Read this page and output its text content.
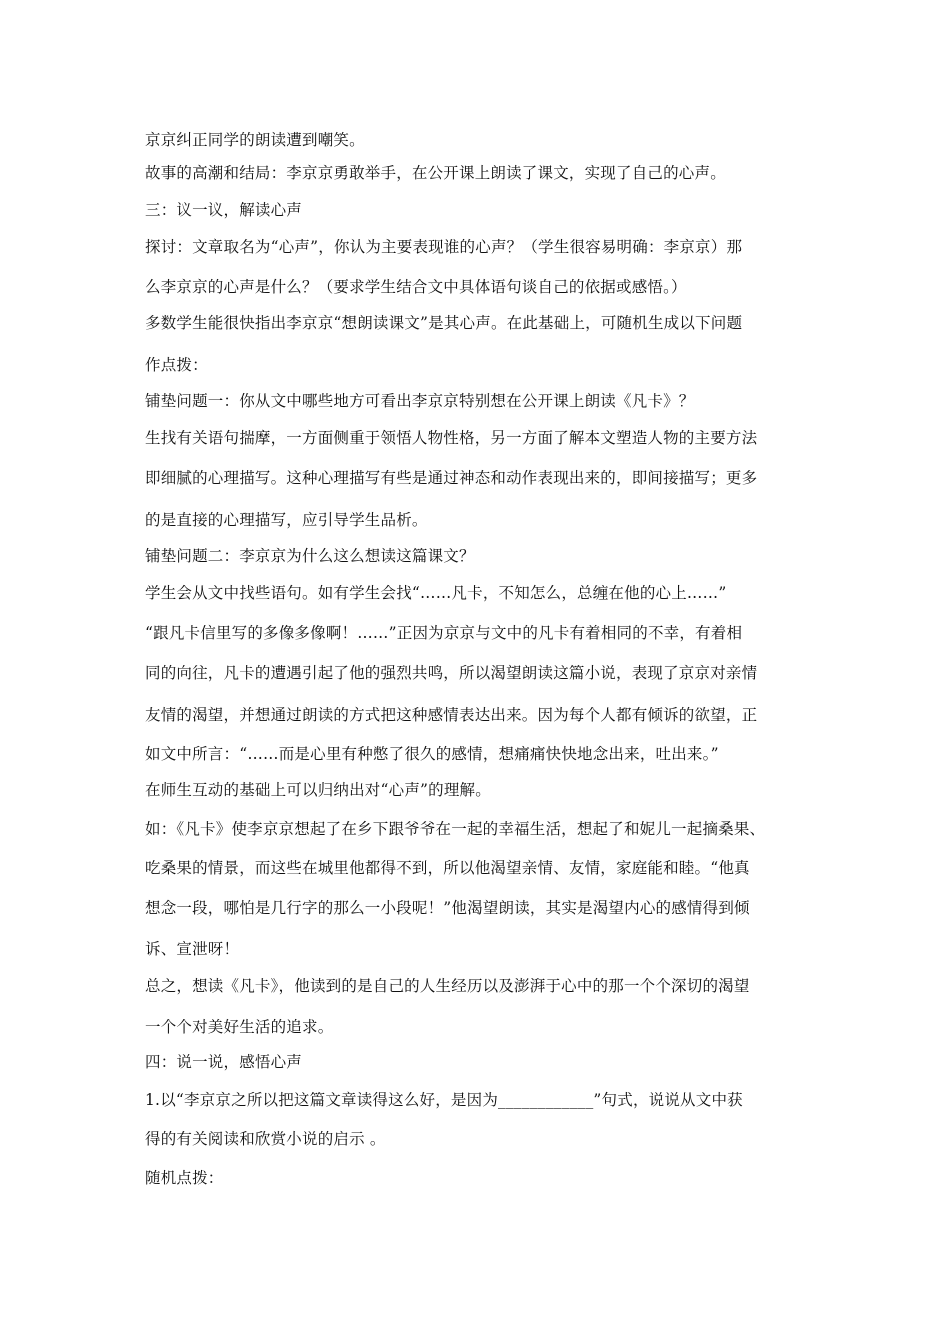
京京纠正同学的朗读遭到嘲笑。
故事的高潮和结局：李京京勇敢举手，在公开课上朗读了课文，实现了自己的心声。
三：议一议，解读心声
探讨：文章取名为“心声”，你认为主要表现谁的心声？（学生很容易明确：李京京）那
么李京京的心声是什么？（要求学生结合文中具体语句谈自己的依据或感悟。）
多数学生能很快指出李京京“想朗读课文”是其心声。在此基础上，可随机生成以下问题
作点拨：
铺垫问题一：你从文中哪些地方可看出李京京特别想在公开课上朗读《凡卡》？
生找有关语句揣摩，一方面侧重于领悟人物性格，另一方面了解本文塑造人物的主要方法
即细腻的心理描写。这种心理描写有些是通过神态和动作表现出来的，即间接描写；更多
的是直接的心理描写，应引导学生品析。
铺垫问题二：李京京为什么这么想读这篇课文？
学生会从文中找些语句。如有学生会找“……凡卡，不知怎么，总缠在他的心上……”
“跟凡卡信里写的多像多像啊！……”正因为京京与文中的凡卡有着相同的不幸，有着相
同的向往，凡卡的遭遇引起了他的强烈共鸣，所以渴望朗读这篇小说，表现了京京对亲情
友情的渴望，并想通过朗读的方式把这种感情表达出来。因为每个人都有倾诉的欲望，正
如文中所言：“……而是心里有种憋了很久的感情，想痛痛快快地念出来，吐出来。”
在师生互动的基础上可以归纳出对“心声”的理解。
如：《凡卡》使李京京想起了在乡下跟爷爷在一起的幸福生活，想起了和妮儿一起摘桑果、
吃桑果的情景，而这些在城里他都得不到，所以他渴望亲情、友情，家庭能和睦。“他真
想念一段，哪怕是几行字的那么一小段呢！”他渴望朗读，其实是渴望内心的感情得到倾
诉、宣泄呀！
总之，想读《凡卡》，他读到的是自己的人生经历以及澎湃于心中的那一个个深切的渴望
一个个对美好生活的追求。
四：说一说，感悟心声
1.以“李京京之所以把这篇文章读得这么好，是因为____________”句式，说说从文中获
得的有关阅读和欣赏小说的启示 。
随机点拨：
